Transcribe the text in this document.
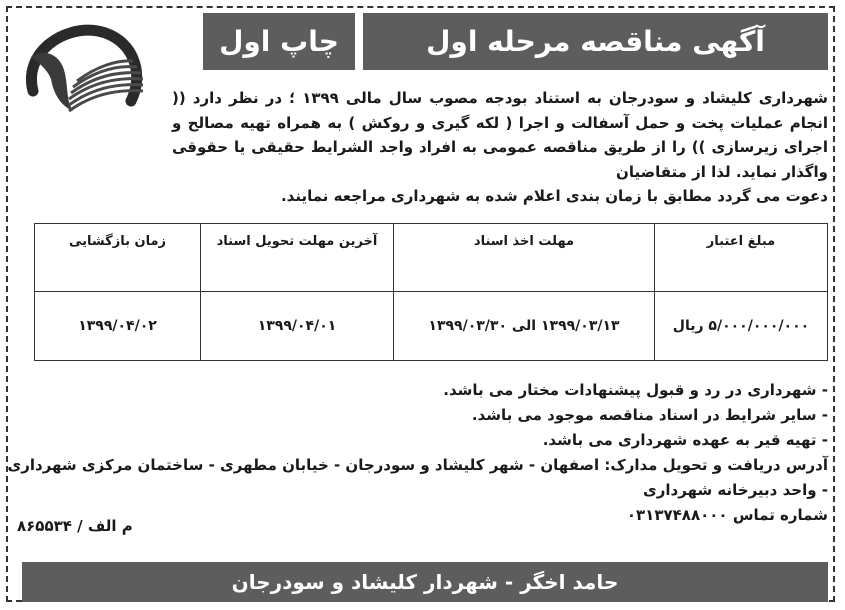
آگهی مناقصه مرحله اول
چاپ اول
شهرداری کلیشاد و سودرجان به استناد بودجه مصوب سال مالی ۱۳۹۹ ؛ در نظر دارد (( انجام عملیات پخت و حمل آسفالت و اجرا ( لکه گیری و روکش ) به همراه تهیه مصالح و اجرای زیرسازی )) را از طریق مناقصه عمومی به افراد واجد الشرایط حقیقی یا حقوقی واگذار نماید. لذا از متقاضیان
دعوت می گردد مطابق با زمان بندی اعلام شده به شهرداری مراجعه نمایند.
مبلغ اعتبار	مهلت اخذ اسناد	آخرین مهلت تحویل اسناد	زمان بازگشایی
۵/۰۰۰/۰۰۰/۰۰۰ ریال	۱۳۹۹/۰۳/۱۳ الی ۱۳۹۹/۰۳/۳۰	۱۳۹۹/۰۴/۰۱	۱۳۹۹/۰۴/۰۲
- شهرداری در رد و قبول پیشنهادات مختار می باشد.
- سایر شرایط در اسناد مناقصه موجود می باشد.
- تهیه قیر به عهده شهرداری می باشد.
آدرس دریافت و تحویل مدارک: اصفهان - شهر کلیشاد و سودرجان - خیابان مطهری - ساختمان مرکزی شهرداری
- واحد دبیرخانه شهرداری
شماره تماس ۰۳۱۳۷۴۸۸۰۰۰
حامد اخگر - شهردار کلیشاد و سودرجان
م الف / ۸۶۵۵۳۴
